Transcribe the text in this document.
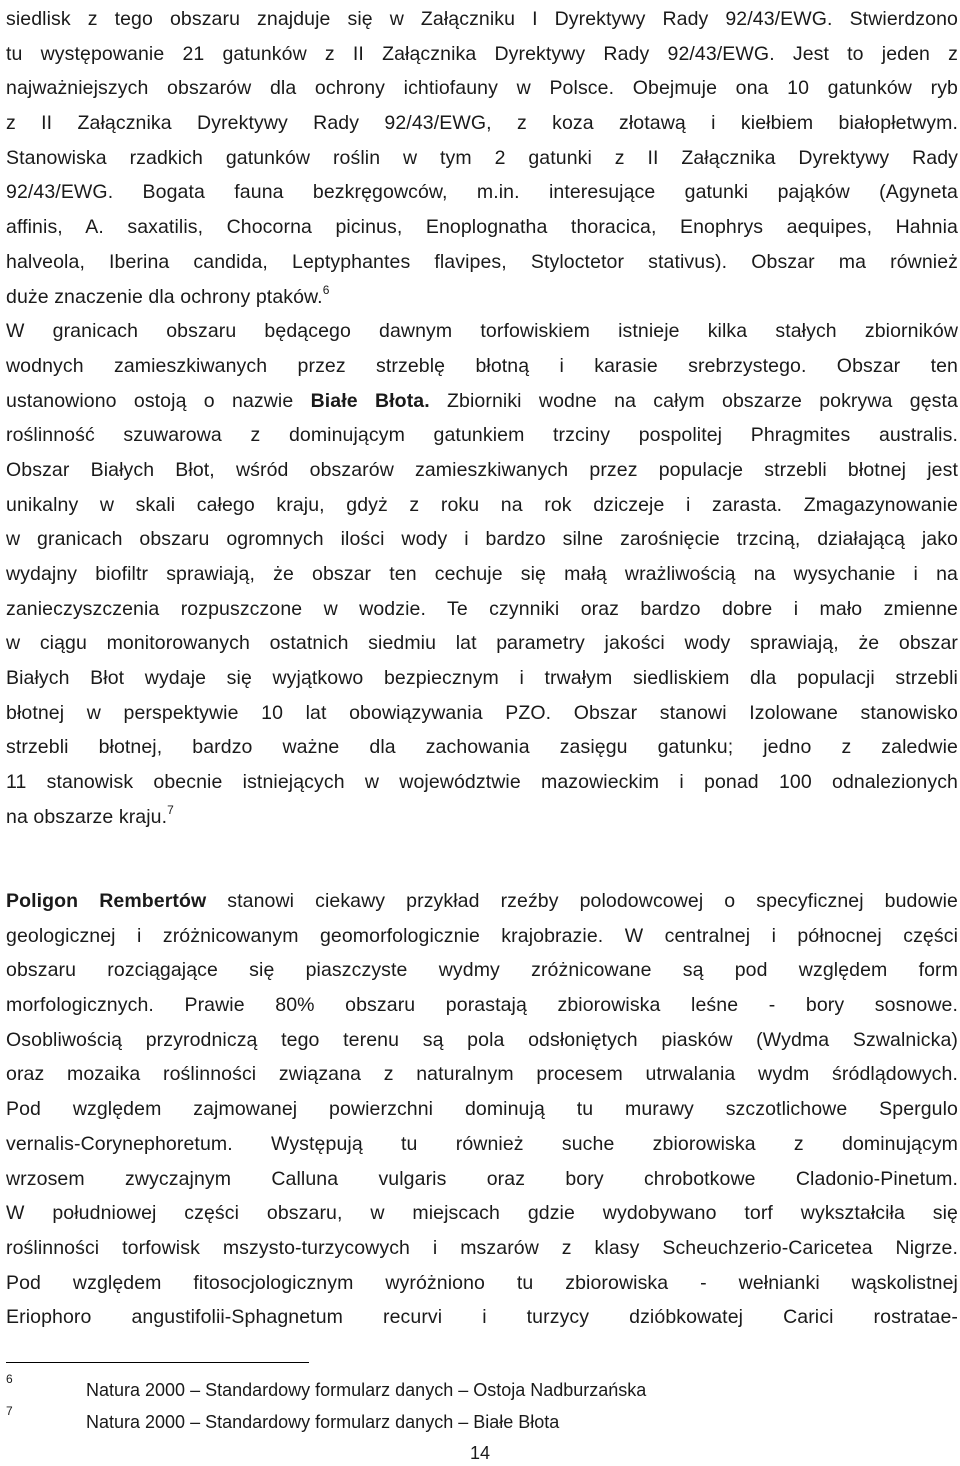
siedlisk z tego obszaru znajduje się w Załączniku I Dyrektywy Rady 92/43/EWG. Stwierdzono
tu występowanie 21 gatunków z II Załącznika Dyrektywy Rady 92/43/EWG. Jest to jeden z
najważniejszych obszarów dla ochrony ichtiofauny w Polsce. Obejmuje ona 10 gatunków ryb
z II Załącznika Dyrektywy Rady 92/43/EWG, z koza złotawą i kiełbiem białopłetwym.
Stanowiska rzadkich gatunków roślin w tym 2 gatunki z II Załącznika Dyrektywy Rady
92/43/EWG. Bogata fauna bezkręgowców, m.in. interesujące gatunki pająków (Agyneta
affinis, A. saxatilis, Chocorna picinus, Enoplognatha thoracica, Enophrys aequipes, Hahnia
halveola, Iberina candida, Leptyphantes flavipes, Styloctetor stativus). Obszar ma również
duże znaczenie dla ochrony ptaków.$^6$
W granicach obszaru będącego dawnym torfowiskiem istnieje kilka stałych zbiorników
wodnych zamieszkiwanych przez strzeblę błotną i karasie srebrzystego. Obszar ten
ustanowiono ostoją o nazwie Białe Błota. Zbiorniki wodne na całym obszarze pokrywa gęsta
roślinność szuwarowa z dominującym gatunkiem trzciny pospolitej Phragmites australis.
Obszar Białych Błot, wśród obszarów zamieszkiwanych przez populacje strzebli błotnej jest
unikalny w skali całego kraju, gdyż z roku na rok dziczeje i zarasta. Zmagazynowanie
w granicach obszaru ogromnych ilości wody i bardzo silne zarośnięcie trzciną, działającą jako
wydajny biofiltr sprawiają, że obszar ten cechuje się małą wrażliwością na wysychanie i na
zanieczyszczenia rozpuszczone w wodzie. Te czynniki oraz bardzo dobre i mało zmienne
w ciągu monitorowanych ostatnich siedmiu lat parametry jakości wody sprawiają, że obszar
Białych Błot wydaje się wyjątkowo bezpiecznym i trwałym siedliskiem dla populacji strzebli
błotnej w perspektywie 10 lat obowiązywania PZO. Obszar stanowi Izolowane stanowisko
strzebli błotnej, bardzo ważne dla zachowania zasięgu gatunku; jedno z zaledwie
11 stanowisk obecnie istniejących w województwie mazowieckim i ponad 100 odnalezionych
na obszarze kraju.$^7$
Poligon Rembertów stanowi ciekawy przykład rzeźby polodowcowej o specyficznej budowie
geologicznej i zróżnicowanym geomorfologicznie krajobrazie. W centralnej i północnej części
obszaru rozciągające się piaszczyste wydmy zróżnicowane są pod względem form
morfologicznych. Prawie 80% obszaru porastają zbiorowiska leśne - bory sosnowe.
Osobliwością przyrodniczą tego terenu są pola odsłoniętych piasków (Wydma Szwalnicka)
oraz mozaika roślinności związana z naturalnym procesem utrwalania wydm śródlądowych.
Pod względem zajmowanej powierzchni dominują tu murawy szczotlichowe Spergulo
vernalis-Corynephoretum. Występują tu również suche zbiorowiska z dominującym
wrzosem zwyczajnym Calluna vulgaris oraz bory chrobotkowe Cladonio-Pinetum.
W południowej części obszaru, w miejscach gdzie wydobywano torf wykształciła się
roślinności torfowisk mszysto-turzycowych i mszarów z klasy Scheuchzerio-Caricetea Nigrze.
Pod względem fitosocjologicznym wyróżniono tu zbiorowiska - wełnianki wąskolistnej
Eriophoro angustifolii-Sphagnetum recurvi i turzycy dzióbkowatej Carici rostratae-
6
Natura 2000 – Standardowy formularz danych – Ostoja Nadburzańska
7
Natura 2000 – Standardowy formularz danych – Białe Błota
14
